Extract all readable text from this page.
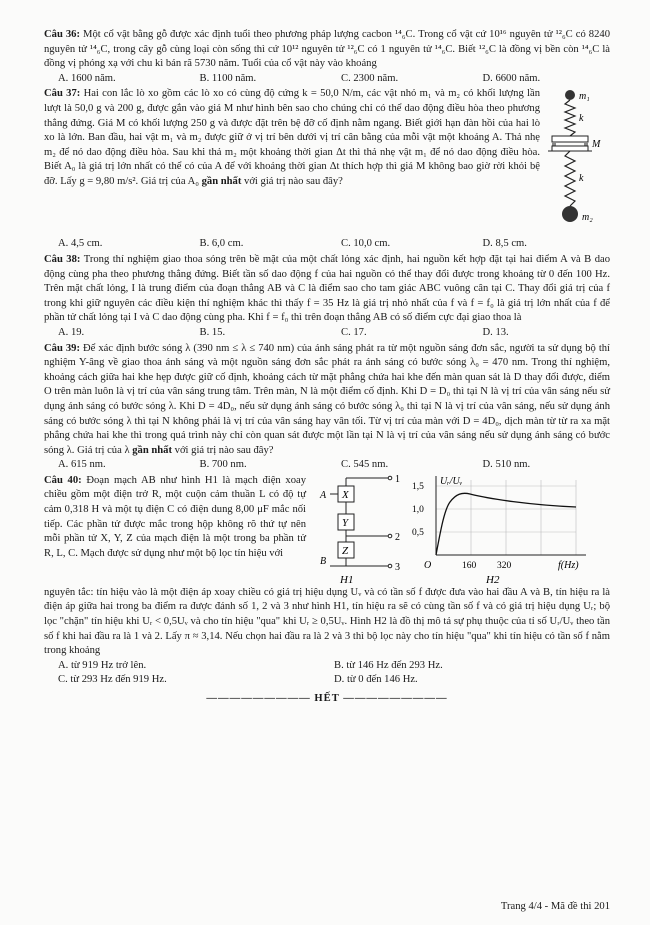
Câu 36: Một cổ vật bằng gỗ được xác định tuổi theo phương pháp lượng cacbon ¹⁴₆C. Trong cổ vật cứ 10¹⁶ nguyên tử ¹²₆C có 8240 nguyên tử ¹⁴₆C, trong cây gỗ cùng loại còn sống thì cứ 10¹² nguyên tử ¹²₆C có 1 nguyên tử ¹⁴₆C. Biết ¹²₆C là đồng vị bền còn ¹⁴₆C là đồng vị phóng xạ với chu kì bán rã 5730 năm. Tuổi của cổ vật này vào khoảng

A. 1600 năm.	B. 1100 năm.	C. 2300 năm.	D. 6600 năm.
m₁
k
M
k
m₂

Câu 37: Hai con lắc lò xo gồm các lò xo có cùng độ cứng k = 50,0 N/m, các vật nhỏ m₁ và m₂ có khối lượng lần lượt là 50,0 g và 200 g, được gắn vào giá M như hình bên sao cho chúng chỉ có thể dao động điều hòa theo phương thẳng đứng. Giá M có khối lượng 250 g và được đặt trên bệ đỡ cố định nằm ngang. Biết giới hạn đàn hồi của hai lò xo là lớn. Ban đầu, hai vật m₁ và m₂ được giữ ở vị trí bên dưới vị trí cân bằng của mỗi vật một khoảng A. Thả nhẹ m₂ để nó dao động điều hòa. Sau khi thả m₂ một khoảng thời gian Δt thì thả nhẹ vật m₁ để nó dao động điều hòa. Biết A₀ là giá trị lớn nhất có thể có của A để với khoảng thời gian Δt thích hợp thì giá M không bao giờ rời khỏi bệ đỡ. Lấy g = 9,80 m/s². Giá trị của A₀ gần nhất với giá trị nào sau đây?

A. 4,5 cm.	B. 6,0 cm.	C. 10,0 cm.	D. 8,5 cm.

Câu 38: Trong thí nghiệm giao thoa sóng trên bề mặt của một chất lỏng xác định, hai nguồn kết hợp đặt tại hai điểm A và B dao động cùng pha theo phương thẳng đứng. Biết tần số dao động f của hai nguồn có thể thay đổi được trong khoảng từ 0 đến 100 Hz. Trên mặt chất lỏng, I là trung điểm của đoạn thẳng AB và C là điểm sao cho tam giác ABC vuông cân tại C. Thay đổi giá trị của f trong khi giữ nguyên các điều kiện thí nghiệm khác thì thấy f = 35 Hz là giá trị nhỏ nhất của f và f = f₀ là giá trị lớn nhất của f để phần tử chất lỏng tại I và C dao động cùng pha. Khi f = f₀ thì trên đoạn thẳng AB có số điểm cực đại giao thoa là

A. 19.	B. 15.	C. 17.	D. 13.

Câu 39: Để xác định bước sóng λ (390 nm ≤ λ ≤ 740 nm) của ánh sáng phát ra từ một nguồn sáng đơn sắc, người ta sử dụng bộ thí nghiệm Y-âng về giao thoa ánh sáng và một nguồn sáng đơn sắc phát ra ánh sáng có bước sóng λ₀ = 470 nm. Trong thí nghiệm, khoảng cách giữa hai khe hẹp được giữ cố định, khoảng cách từ mặt phẳng chứa hai khe đến màn quan sát là D thay đổi được, điểm O trên màn luôn là vị trí của vân sáng trung tâm. Trên màn, N là một điểm cố định. Khi D = D₀ thì tại N là vị trí của vân sáng nếu sử dụng ánh sáng có bước sóng λ. Khi D = 4D₀, nếu sử dụng ánh sáng có bước sóng λ₀ thì tại N là vị trí của vân sáng, nếu sử dụng ánh sáng có bước sóng λ thì tại N không phải là vị trí của vân sáng hay vân tối. Từ vị trí của màn với D = 4D₀, dịch màn từ từ ra xa mặt phẳng chứa hai khe thì trong quá trình này chỉ còn quan sát được một lần tại N là vị trí của vân sáng nếu sử dụng ánh sáng có bước sóng λ. Giá trị của λ gần nhất với giá trị nào sau đây?

A. 615 nm.	B. 700 nm.	C. 545 nm.	D. 510 nm.

Câu 40: Đoạn mạch AB như hình H1 là mạch điện xoay chiều gồm một điện trở R, một cuộn cảm thuần L có độ tự cảm 0,318 H và một tụ điện C có điện dung 8,00 μF mắc nối tiếp. Các phần tử được mắc trong hộp không rõ thứ tự nên mỗi phần tử X, Y, Z của mạch điện là một trong ba phần tử R, L, C. Mạch được sử dụng như một bộ lọc tín hiệu với

X
Y
Z
A
B
1
2
3
H1
Uᵣ/Uᵥ
0,5
1,0
1,5
O	160 320	f(Hz)
H2

nguyên tắc: tín hiệu vào là một điện áp xoay chiều có giá trị hiệu dụng Uᵥ và có tần số f được đưa vào hai đầu A và B, tín hiệu ra là điện áp giữa hai trong ba điểm ra được đánh số 1, 2 và 3 như hình H1, tín hiệu ra sẽ có cùng tần số f và có giá trị hiệu dụng Uᵣ; bộ lọc "chặn" tín hiệu khi Uᵣ < 0,5Uᵥ và cho tín hiệu "qua" khi Uᵣ ≥ 0,5Uᵥ. Hình H2 là đồ thị mô tả sự phụ thuộc của tỉ số Uᵣ/Uᵥ theo tần số f khi hai đầu ra là 1 và 2. Lấy π ≈ 3,14. Nếu chọn hai đầu ra là 2 và 3 thì bộ lọc này cho tín hiệu "qua" khi tín hiệu có tần số f nằm trong khoảng

A. từ 919 Hz trở lên.	B. từ 146 Hz đến 293 Hz.
C. từ 293 Hz đến 919 Hz.	D. từ 0 đến 146 Hz.
――――――――― HẾT ―――――――――
Trang 4/4 - Mã đề thi 201
